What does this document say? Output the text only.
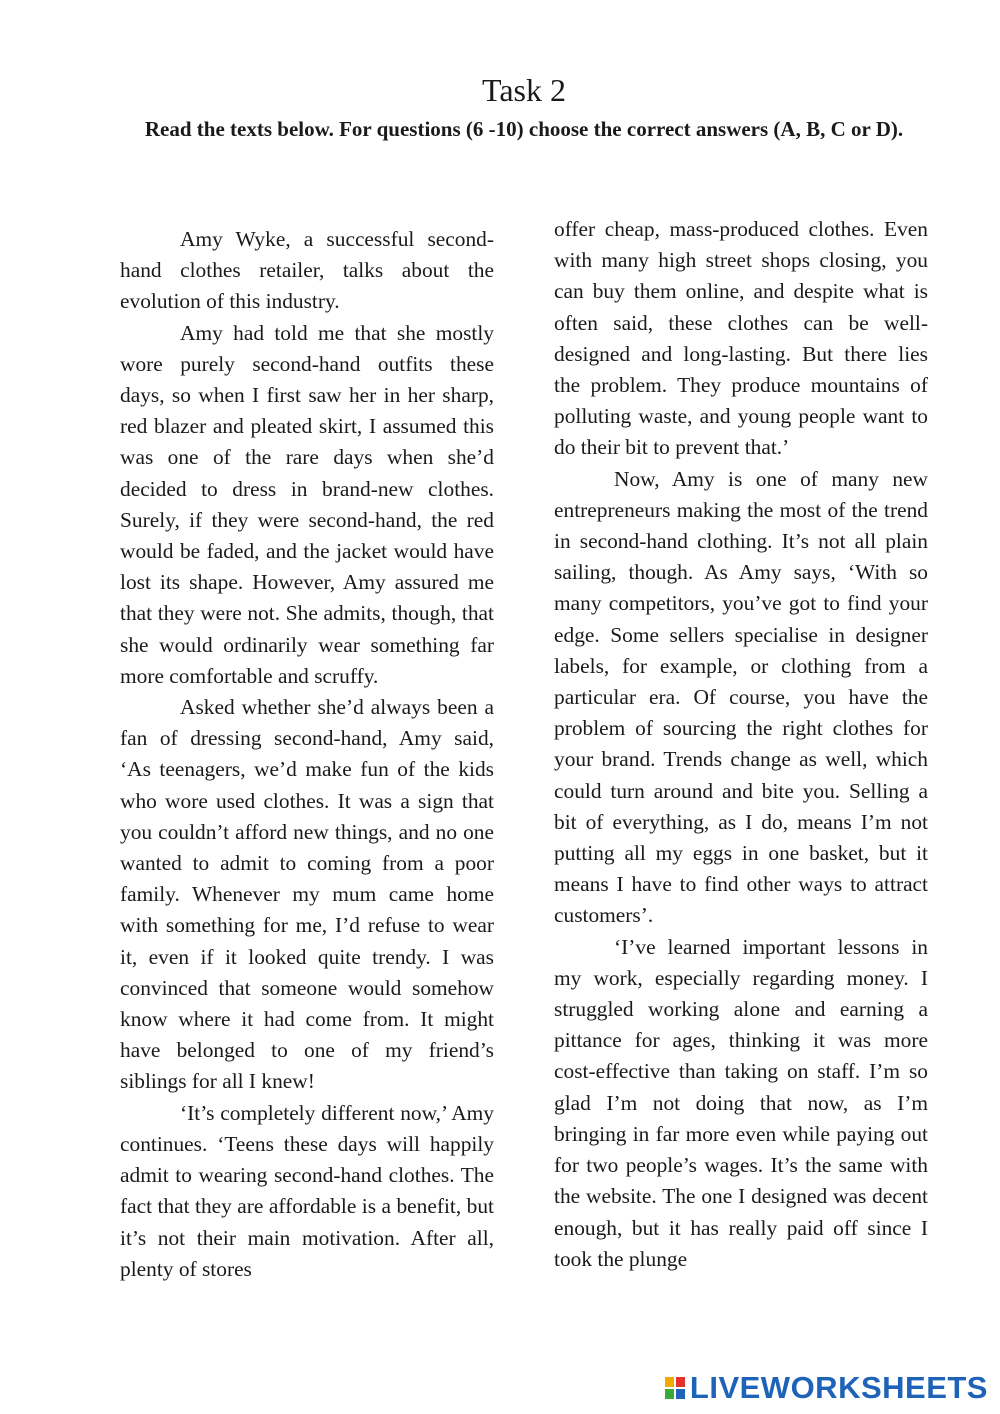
Task 2

Read the texts below. For questions (6 -10) choose the correct answers (A, B, C or D).

Amy Wyke, a successful second-hand clothes retailer, talks about the evolution of this industry.

Amy had told me that she mostly wore purely second-hand outfits these days, so when I first saw her in her sharp, red blazer and pleated skirt, I assumed this was one of the rare days when she’d decided to dress in brand-new clothes. Surely, if they were second-hand, the red would be faded, and the jacket would have lost its shape. However, Amy assured me that they were not. She admits, though, that she would ordinarily wear something far more comfortable and scruffy.

Asked whether she’d always been a fan of dressing second-hand, Amy said, ‘As teenagers, we’d make fun of the kids who wore used clothes. It was a sign that you couldn’t afford new things, and no one wanted to admit to coming from a poor family. Whenever my mum came home with something for me, I’d refuse to wear it, even if it looked quite trendy. I was convinced that someone would somehow know where it had come from. It might have belonged to one of my friend’s siblings for all I knew!

‘It’s completely different now,’ Amy continues. ‘Teens these days will happily admit to wearing second-hand clothes. The fact that they are affordable is a benefit, but it’s not their main motivation. After all, plenty of stores

offer cheap, mass-produced clothes. Even with many high street shops closing, you can buy them online, and despite what is often said, these clothes can be well-designed and long-lasting. But there lies the problem. They produce mountains of polluting waste, and young people want to do their bit to prevent that.’

Now, Amy is one of many new entrepreneurs making the most of the trend in second-hand clothing. It’s not all plain sailing, though. As Amy says, ‘With so many competitors, you’ve got to find your edge. Some sellers specialise in designer labels, for example, or clothing from a particular era. Of course, you have the problem of sourcing the right clothes for your brand. Trends change as well, which could turn around and bite you. Selling a bit of everything, as I do, means I’m not putting all my eggs in one basket, but it means I have to find other ways to attract customers’.

‘I’ve learned important lessons in my work, especially regarding money. I struggled working alone and earning a pittance for ages, thinking it was more cost-effective than taking on staff. I’m so glad I’m not doing that now, as I’m bringing in far more even while paying out for two people’s wages. It’s the same with the website. The one I designed was decent enough, but it has really paid off since I took the plunge

LIVEWORKSHEETS
